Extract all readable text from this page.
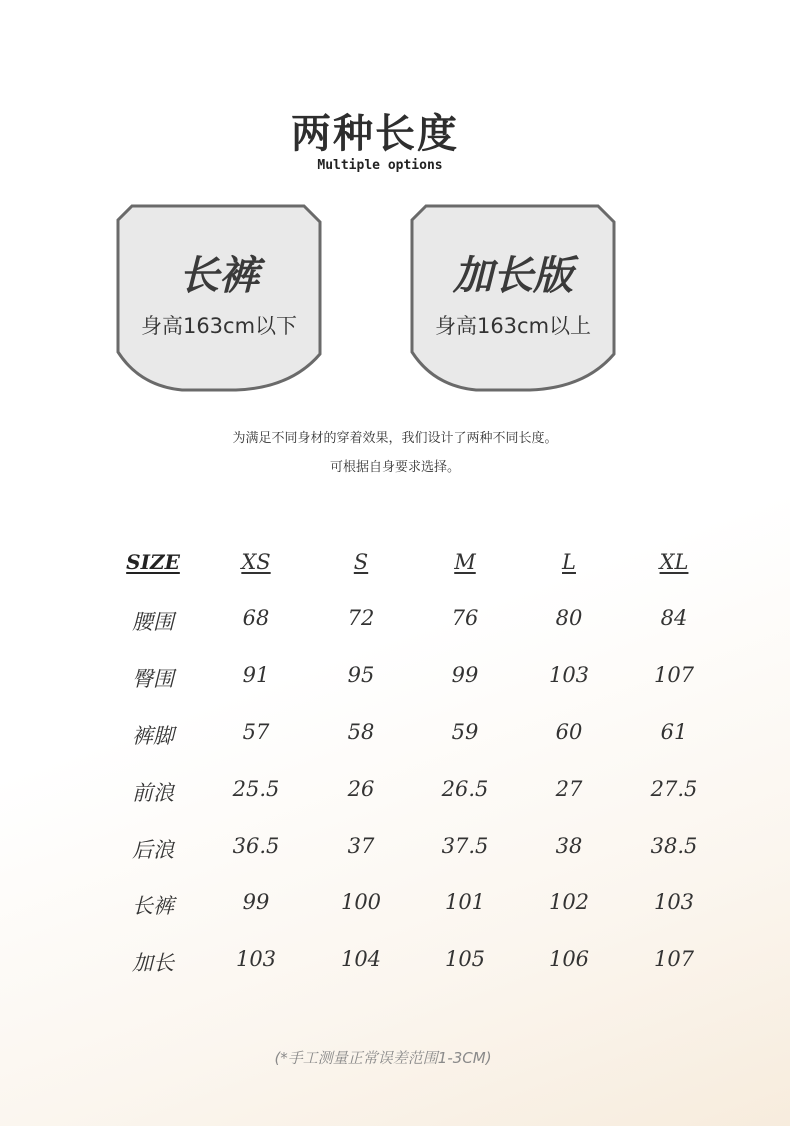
两种长度
Multiple options
长裤
身高163cm以下
加长版
身高163cm以上
为满足不同身材的穿着效果，我们设计了两种不同长度。
可根据自身要求选择。
SIZE	XS	S	M	L	XL
腰围	68	72	76	80	84
臀围	91	95	99	103	107
裤脚	57	58	59	60	61
前浪	25.5	26	26.5	27	27.5
后浪	36.5	37	37.5	38	38.5
长裤	99	100	101	102	103
加长	103	104	105	106	107
(*手工测量正常误差范围1-3CM)
